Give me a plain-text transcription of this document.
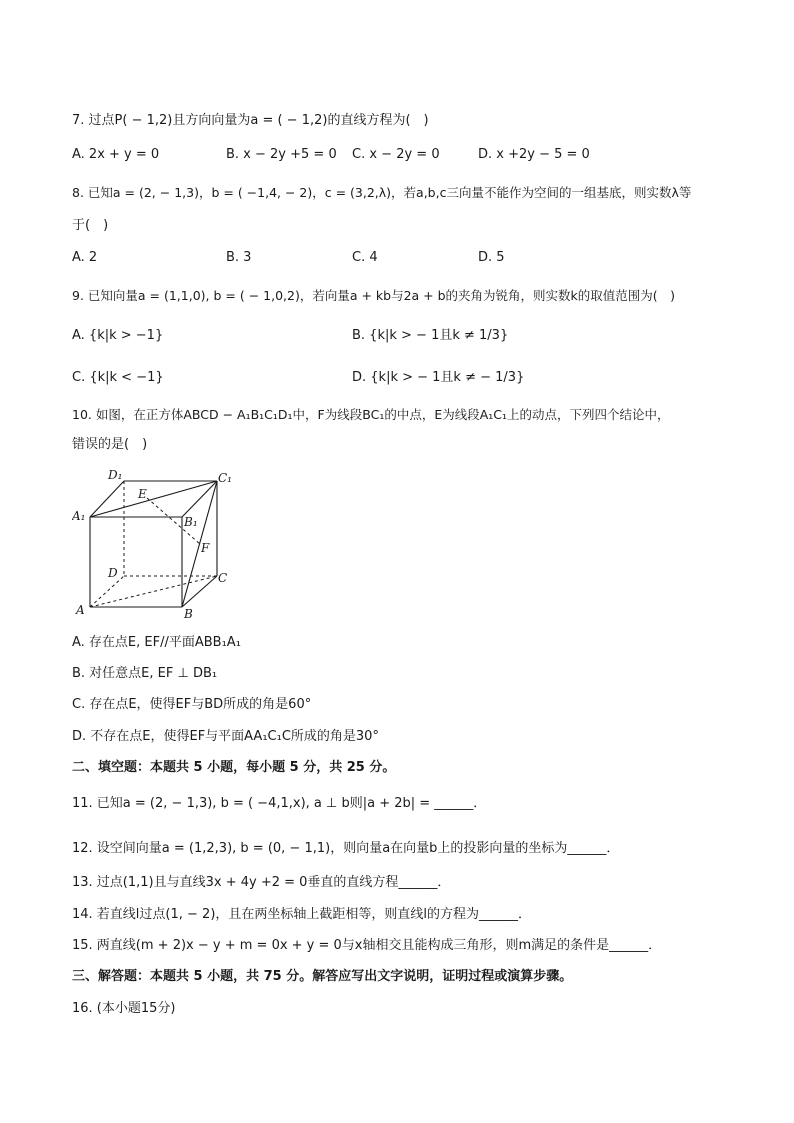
7. 过点P( − 1,2)且方向向量为a = ( − 1,2)的直线方程为(　)
A. 2x + y = 0	B. x − 2y +5 = 0 C. x − 2y = 0	D. x +2y − 5 = 0
8. 已知a = (2, − 1,3)，b = ( −1,4, − 2)，c = (3,2,λ)，若a,b,c三向量不能作为空间的一组基底，则实数λ等
于(　)
A. 2	B. 3	C. 4	D. 5
9. 已知向量a = (1,1,0), b = ( − 1,0,2)，若向量a + kb与2a + b的夹角为锐角，则实数k的取值范围为(　)
A. {k|k > −1}	B. {k|k > − 1且k ≠ 1/3}
C. {k|k < −1}	D. {k|k > − 1且k ≠ − 1/3}
10. 如图，在正方体ABCD − A₁B₁C₁D₁中，F为线段BC₁的中点，E为线段A₁C₁上的动点，下列四个结论中，
错误的是(　)
D₁	C₁
A₁	B₁
E
F
D	C
A	B
A. 存在点E, EF//平面ABB₁A₁
B. 对任意点E, EF ⊥ DB₁
C. 存在点E，使得EF与BD所成的角是60°
D. 不存在点E，使得EF与平面AA₁C₁C所成的角是30°
二、填空题：本题共 5 小题，每小题 5 分，共 25 分。
11. 已知a = (2, − 1,3), b = ( −4,1,x), a ⊥ b则|a + 2b| = ______．
12. 设空间向量a = (1,2,3), b = (0, − 1,1)，则向量a在向量b上的投影向量的坐标为______．
13. 过点(1,1)且与直线3x + 4y +2 = 0垂直的直线方程______．
14. 若直线l过点(1, − 2)，且在两坐标轴上截距相等，则直线l的方程为______．
15. 两直线(m + 2)x − y + m = 0x + y = 0与x轴相交且能构成三角形，则m满足的条件是______．
三、解答题：本题共 5 小题，共 75 分。解答应写出文字说明，证明过程或演算步骤。
16. (本小题15分)
